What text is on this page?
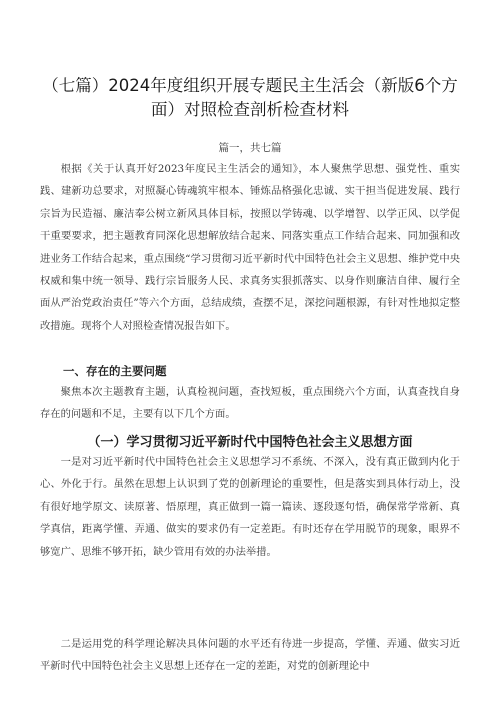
（七篇）2024年度组织开展专题民主生活会（新版6个方面）对照检查剖析检查材料
篇一，共七篇

根据《关于认真开好2023年度民主生活会的通知》，本人聚焦学思想、强党性、重实践、建新功总要求，对照凝心铸魂筑牢根本、锤炼品格强化忠诚、实干担当促进发展、践行宗旨为民造福、廉洁奉公树立新风具体目标，按照以学铸魂、以学增智、以学正风、以学促干重要要求，把主题教育同深化思想解放结合起来、同落实重点工作结合起来、同加强和改进业务工作结合起来，重点围绕“学习贯彻习近平新时代中国特色社会主义思想、维护党中央权威和集中统一领导、践行宗旨服务人民、求真务实狠抓落实、以身作则廉洁自律、履行全面从严治党政治责任”等六个方面，总结成绩，查摆不足，深挖问题根源，有针对性地拟定整改措施。现将个人对照检查情况报告如下。

一、存在的主要问题

聚焦本次主题教育主题，认真检视问题，查找短板，重点围绕六个方面，认真查找自身存在的问题和不足，主要有以下几个方面。

（一）学习贯彻习近平新时代中国特色社会主义思想方面

一是对习近平新时代中国特色社会主义思想学习不系统、不深入，没有真正做到内化于心、外化于行。虽然在思想上认识到了党的创新理论的重要性，但是落实到具体行动上，没有很好地学原文、读原著、悟原理，真正做到一篇一篇读、逐段逐句悟，确保常学常新、真学真信，距离学懂、弄通、做实的要求仍有一定差距。有时还存在学用脱节的现象，眼界不够宽广、思维不够开拓，缺少管用有效的办法举措。

二是运用党的科学理论解决具体问题的水平还有待进一步提高，学懂、弄通、做实习近平新时代中国特色社会主义思想上还存在一定的差距，对党的创新理论中
